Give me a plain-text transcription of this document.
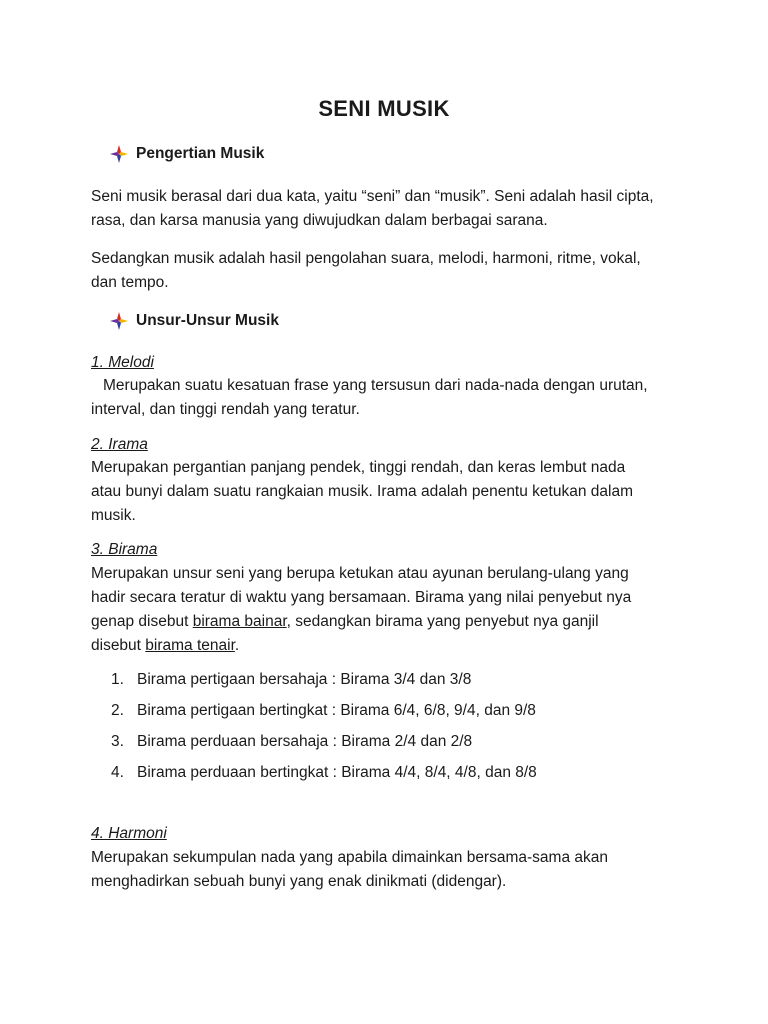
SENI MUSIK
Pengertian Musik
Seni musik berasal dari dua kata, yaitu “seni” dan “musik”. Seni adalah hasil cipta,
rasa, dan karsa manusia yang diwujudkan dalam berbagai sarana.
Sedangkan musik adalah hasil pengolahan suara, melodi, harmoni, ritme, vokal,
dan tempo.
Unsur-Unsur Musik
1. Melodi
Merupakan suatu kesatuan frase yang tersusun dari nada-nada dengan urutan,
interval, dan tinggi rendah yang teratur.
2. Irama
Merupakan pergantian panjang pendek, tinggi rendah, dan keras lembut nada
atau bunyi dalam suatu rangkaian musik. Irama adalah penentu ketukan dalam
musik.
3. Birama
Merupakan unsur seni yang berupa ketukan atau ayunan berulang-ulang yang
hadir secara teratur di waktu yang bersamaan. Birama yang nilai penyebut nya
genap disebut birama bainar, sedangkan birama yang penyebut nya ganjil
disebut birama tenair.
1. Birama pertigaan bersahaja : Birama 3/4 dan 3/8
2. Birama pertigaan bertingkat : Birama 6/4, 6/8, 9/4, dan 9/8
3. Birama perduaan bersahaja : Birama 2/4 dan 2/8
4. Birama perduaan bertingkat : Birama 4/4, 8/4, 4/8, dan 8/8
4. Harmoni
Merupakan sekumpulan nada yang apabila dimainkan bersama-sama akan
menghadirkan sebuah bunyi yang enak dinikmati (didengar).
